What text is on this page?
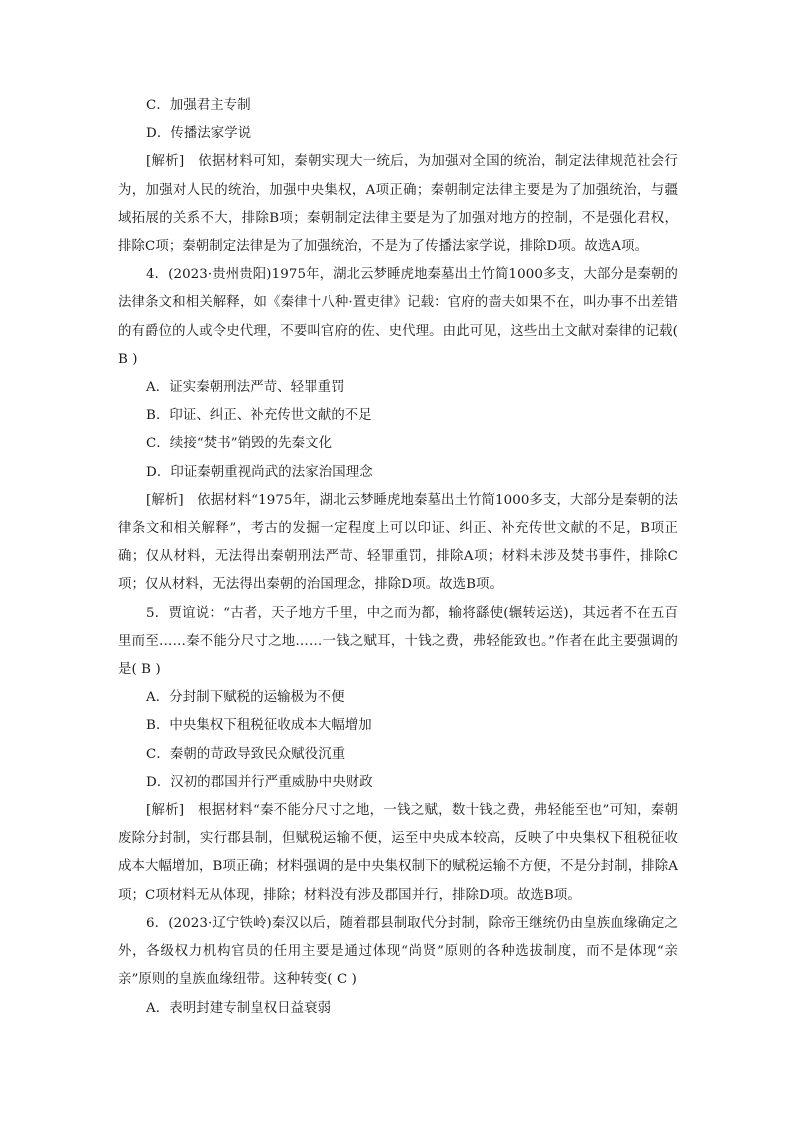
C．加强君主专制

D．传播法家学说

[解析]　依据材料可知，秦朝实现大一统后，为加强对全国的统治，制定法律规范社会行为，加强对人民的统治，加强中央集权，A项正确；秦朝制定法律主要是为了加强统治，与疆域拓展的关系不大，排除B项；秦朝制定法律主要是为了加强对地方的控制，不是强化君权，排除C项；秦朝制定法律是为了加强统治，不是为了传播法家学说，排除D项。故选A项。

4．(2023·贵州贵阳)1975年，湖北云梦睡虎地秦墓出土竹简1000多支，大部分是秦朝的法律条文和相关解释，如《秦律十八种·置吏律》记载：官府的啬夫如果不在，叫办事不出差错的有爵位的人或令史代理，不要叫官府的佐、史代理。由此可见，这些出土文献对秦律的记载( B )

A．证实秦朝刑法严苛、轻罪重罚

B．印证、纠正、补充传世文献的不足

C．续接“焚书”销毁的先秦文化

D．印证秦朝重视尚武的法家治国理念

[解析]　依据材料“1975年，湖北云梦睡虎地秦墓出土竹简1000多支，大部分是秦朝的法律条文和相关解释”，考古的发掘一定程度上可以印证、纠正、补充传世文献的不足，B项正确；仅从材料，无法得出秦朝刑法严苛、轻罪重罚，排除A项；材料未涉及焚书事件，排除C项；仅从材料，无法得出秦朝的治国理念，排除D项。故选B项。

5．贾谊说：“古者，天子地方千里，中之而为都，输将繇使(辗转运送)，其远者不在五百里而至……秦不能分尺寸之地……一钱之赋耳，十钱之费，弗轻能致也。”作者在此主要强调的是( B )

A．分封制下赋税的运输极为不便

B．中央集权下租税征收成本大幅增加

C．秦朝的苛政导致民众赋役沉重

D．汉初的郡国并行严重威胁中央财政

[解析]　根据材料“秦不能分尺寸之地，一钱之赋，数十钱之费，弗轻能至也”可知，秦朝废除分封制，实行郡县制，但赋税运输不便，运至中央成本较高，反映了中央集权下租税征收成本大幅增加，B项正确；材料强调的是中央集权制下的赋税运输不方便，不是分封制，排除A项；C项材料无从体现，排除；材料没有涉及郡国并行，排除D项。故选B项。

6．(2023·辽宁铁岭)秦汉以后，随着郡县制取代分封制，除帝王继统仍由皇族血缘确定之外，各级权力机构官员的任用主要是通过体现“尚贤”原则的各种选拔制度，而不是体现“亲亲”原则的皇族血缘纽带。这种转变( C )

A．表明封建专制皇权日益衰弱
